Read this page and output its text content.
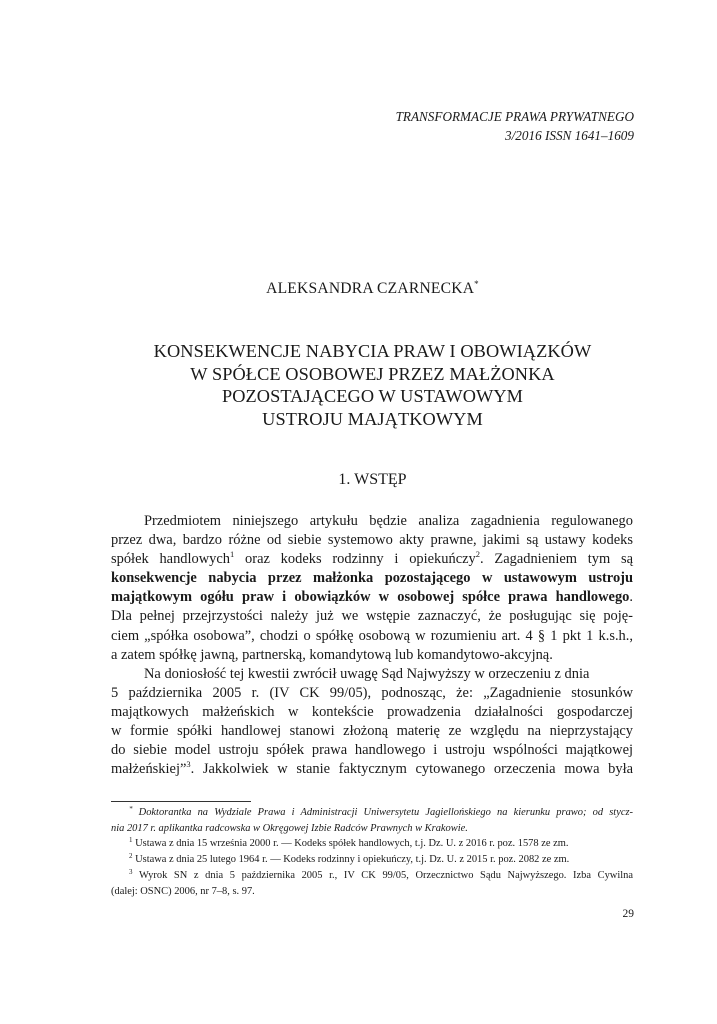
TRANSFORMACJE PRAWA PRYWATNEGO
3/2016 ISSN 1641–1609
ALEKSANDRA CZARNECKA*
KONSEKWENCJE NABYCIA PRAW I OBOWIĄZKÓW
W SPÓŁCE OSOBOWEJ PRZEZ MAŁŻONKA
POZOSTAJĄCEGO W USTAWOWYM
USTROJU MAJĄTKOWYM
1. WSTĘP
Przedmiotem niniejszego artykułu będzie analiza zagadnienia regulowanego
przez dwa, bardzo różne od siebie systemowo akty prawne, jakimi są ustawy kodeks
spółek handlowych$^1$ oraz kodeks rodzinny i opiekuńczy$^2$. Zagadnieniem tym są
konsekwencje nabycia przez małżonka pozostającego w ustawowym ustroju
majątkowym ogółu praw i obowiązków w osobowej spółce prawa handlowego.
Dla pełnej przejrzystości należy już we wstępie zaznaczyć, że posługując się poję-
ciem „spółka osobowa”, chodzi o spółkę osobową w rozumieniu art. 4 § 1 pkt 1 k.s.h.,
a zatem spółkę jawną, partnerską, komandytową lub komandytowo-akcyjną.
Na doniosłość tej kwestii zwrócił uwagę Sąd Najwyższy w orzeczeniu z dnia
5 października 2005 r. (IV CK 99/05), podnosząc, że: „Zagadnienie stosunków
majątkowych małżeńskich w kontekście prowadzenia działalności gospodarczej
w formie spółki handlowej stanowi złożoną materię ze względu na nieprzystający
do siebie model ustroju spółek prawa handlowego i ustroju wspólności majątkowej
małżeńskiej”$^3$. Jakkolwiek w stanie faktycznym cytowanego orzeczenia mowa była
* Doktorantka na Wydziale Prawa i Administracji Uniwersytetu Jagiellońskiego na kierunku prawo; od stycz-
nia 2017 r. aplikantka radcowska w Okręgowej Izbie Radców Prawnych w Krakowie.
$^1$ Ustawa z dnia 15 września 2000 r. — Kodeks spółek handlowych, t.j. Dz. U. z 2016 r. poz. 1578 ze zm.
$^2$ Ustawa z dnia 25 lutego 1964 r. — Kodeks rodzinny i opiekuńczy, t.j. Dz. U. z 2015 r. poz. 2082 ze zm.
$^3$ Wyrok SN z dnia 5 października 2005 r., IV CK 99/05, Orzecznictwo Sądu Najwyższego. Izba Cywilna
(dalej: OSNC) 2006, nr 7–8, s. 97.
29
